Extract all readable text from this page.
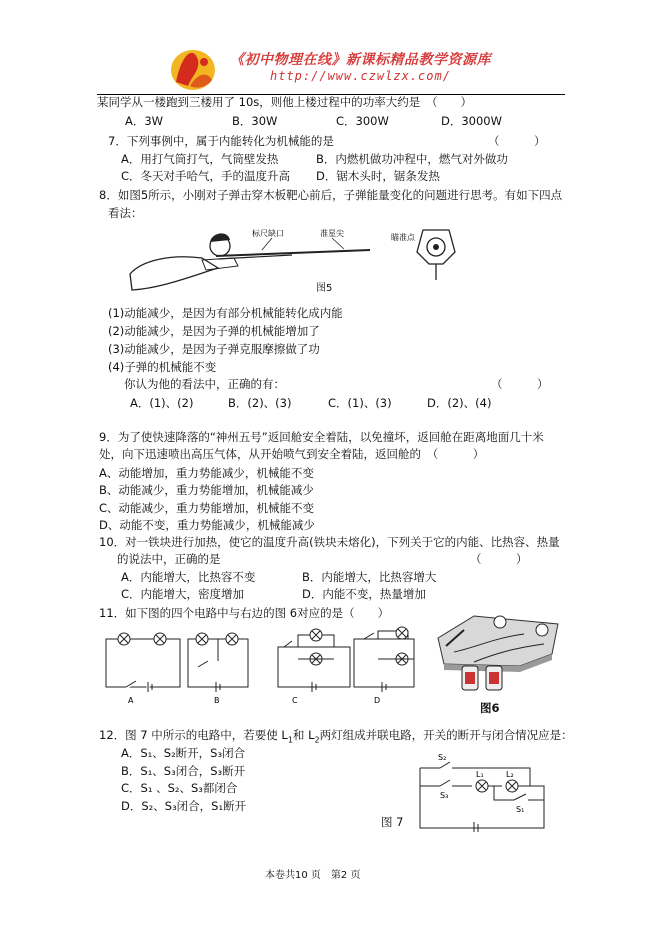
《初中物理在线》新课标精品教学资源库
http://www.czwlzx.com/
某同学从一楼跑到三楼用了 10s，则他上楼过程中的功率大约是　（　　）
A．3W	B．30W	C．300W	D．3000W
7．下列事例中，属于内能转化为机械能的是	（　　　）
A．用打气筒打气，气筒壁发热	B．内燃机做功冲程中，燃气对外做功
C．冬天对手哈气，手的温度升高 D．锯木头时，锯条发热
8．如图5所示，小刚对子弹击穿木板靶心前后，子弹能量变化的问题进行思考。有如下四点
看法：
标尺缺口	准星尖	瞄准点
图5
(1)动能减少，是因为有部分机械能转化成内能
(2)动能减少，是因为子弹的机械能增加了
(3)动能减少，是因为子弹克服摩擦做了功
(4)子弹的机械能不变
你认为他的看法中，正确的有：	（　　　）
A．(1)、(2)	B．(2)、(3)	C．(1)、(3)	D．(2)、(4)
9．为了使快速降落的“神州五号”返回舱安全着陆，以免撞坏，返回舱在距离地面几十米
处，向下迅速喷出高压气体，从开始喷气到安全着陆，返回舱的　（　　　）
A、动能增加，重力势能减少，机械能不变
B、动能减少，重力势能增加，机械能减少
C、动能减少，重力势能增加，机械能不变
D、动能不变，重力势能减少，机械能减少
10．对一铁块进行加热，使它的温度升高(铁块未熔化)，下列关于它的内能、比热容、热量
的说法中，正确的是	（　　　）
A．内能增大，比热容不变	B．内能增大，比热容增大
C．内能增大，密度增加	D．内能不变，热量增加
11．如下图的四个电路中与右边的图 6对应的是（　　）
A	B	C	D
图6
12．图 7 中所示的电路中，若要使 $L_1$和 $L_2$两灯组成并联电路，开关的断开与闭合情况应是：
A．S₁、S₂断开，S₃闭合
B．S₁、S₃闭合，S₃断开
C．S₁ 、S₂、S₃都闭合
D．S₂、S₃闭合，S₁断开
S₂
S₃
L₁	L₂
S₁
图 7
本卷共10 页　第2 页
